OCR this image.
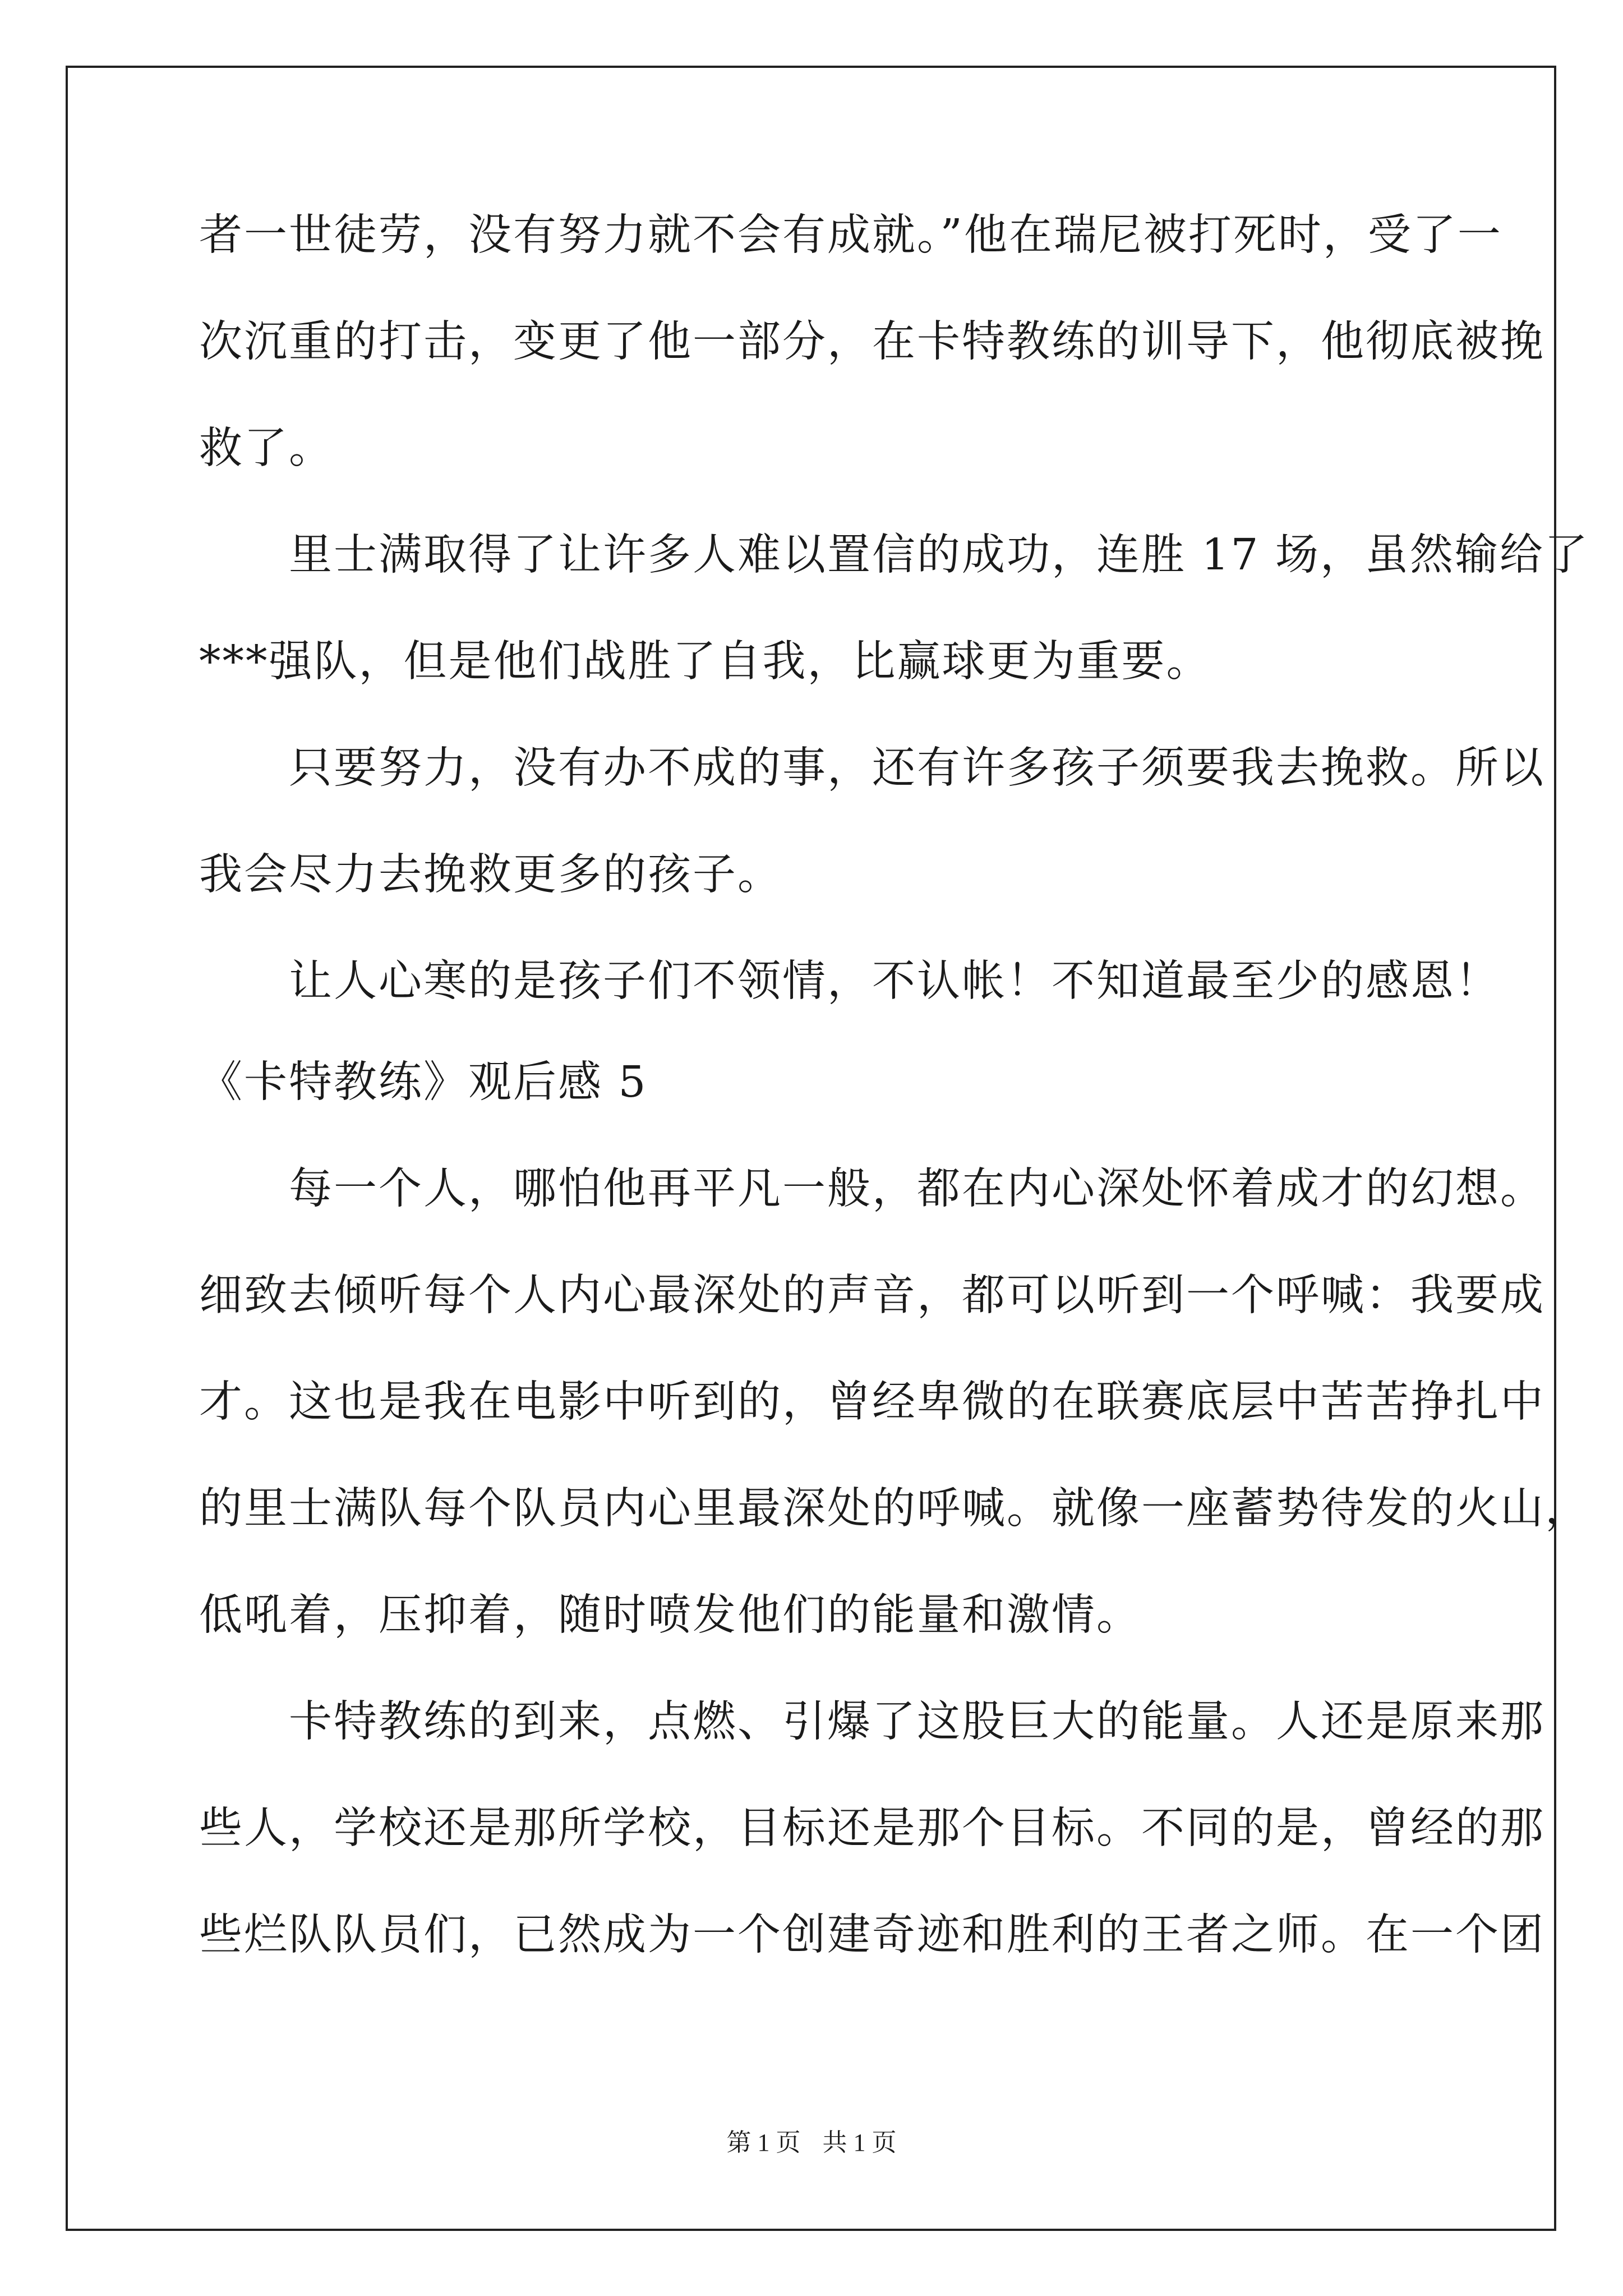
者一世徒劳，没有努力就不会有成就。”他在瑞尼被打死时，受了一
次沉重的打击，变更了他一部分，在卡特教练的训导下，他彻底被挽
救了。
　　里士满取得了让许多人难以置信的成功，连胜 17 场，虽然输给了
***强队，但是他们战胜了自我，比赢球更为重要。
　　只要努力，没有办不成的事，还有许多孩子须要我去挽救。所以
我会尽力去挽救更多的孩子。
　　让人心寒的是孩子们不领情，不认帐！不知道最至少的感恩！
《卡特教练》观后感 5
　　每一个人，哪怕他再平凡一般，都在内心深处怀着成才的幻想。
细致去倾听每个人内心最深处的声音，都可以听到一个呼喊：我要成
才。这也是我在电影中听到的，曾经卑微的在联赛底层中苦苦挣扎中
的里士满队每个队员内心里最深处的呼喊。就像一座蓄势待发的火山，
低吼着，压抑着，随时喷发他们的能量和激情。
　　卡特教练的到来，点燃、引爆了这股巨大的能量。人还是原来那
些人，学校还是那所学校，目标还是那个目标。不同的是，曾经的那
些烂队队员们，已然成为一个创建奇迹和胜利的王者之师。在一个团
第 1 页 共 1 页
